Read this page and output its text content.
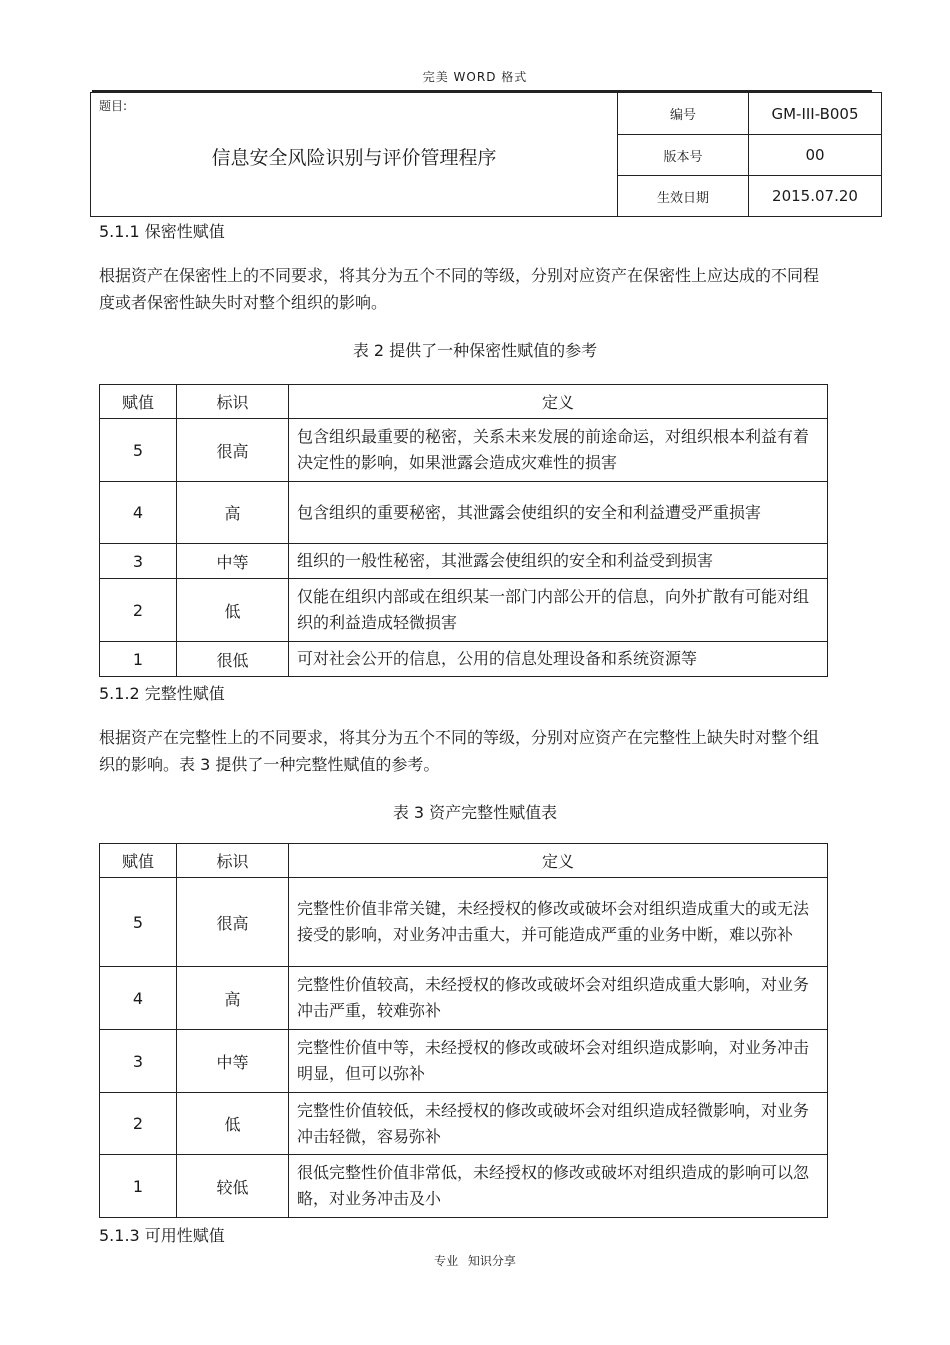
完美 WORD 格式
题目:
信息安全风险识别与评价管理程序	编号	GM-III-B005
	版本号	00
	生效日期	2015.07.20
5.1.1 保密性赋值
根据资产在保密性上的不同要求，将其分为五个不同的等级，分别对应资产在保密性上应达成的不同程度或者保密性缺失时对整个组织的影响。
表 2 提供了一种保密性赋值的参考
赋值	标识	定义
5	很高	包含组织最重要的秘密，关系未来发展的前途命运，对组织根本利益有着决定性的影响，如果泄露会造成灾难性的损害
4	高	包含组织的重要秘密，其泄露会使组织的安全和利益遭受严重损害
3	中等	组织的一般性秘密，其泄露会使组织的安全和利益受到损害
2	低	仅能在组织内部或在组织某一部门内部公开的信息，向外扩散有可能对组织的利益造成轻微损害
1	很低	可对社会公开的信息，公用的信息处理设备和系统资源等
5.1.2 完整性赋值
根据资产在完整性上的不同要求，将其分为五个不同的等级，分别对应资产在完整性上缺失时对整个组织的影响。表 3 提供了一种完整性赋值的参考。
表 3 资产完整性赋值表
赋值	标识	定义
5	很高	完整性价值非常关键，未经授权的修改或破坏会对组织造成重大的或无法接受的影响，对业务冲击重大，并可能造成严重的业务中断，难以弥补
4	高	完整性价值较高，未经授权的修改或破坏会对组织造成重大影响，对业务冲击严重，较难弥补
3	中等	完整性价值中等，未经授权的修改或破坏会对组织造成影响，对业务冲击明显，但可以弥补
2	低	完整性价值较低，未经授权的修改或破坏会对组织造成轻微影响，对业务冲击轻微，容易弥补
1	较低	很低完整性价值非常低，未经授权的修改或破坏对组织造成的影响可以忽略，对业务冲击及小
5.1.3 可用性赋值
专业 知识分享
